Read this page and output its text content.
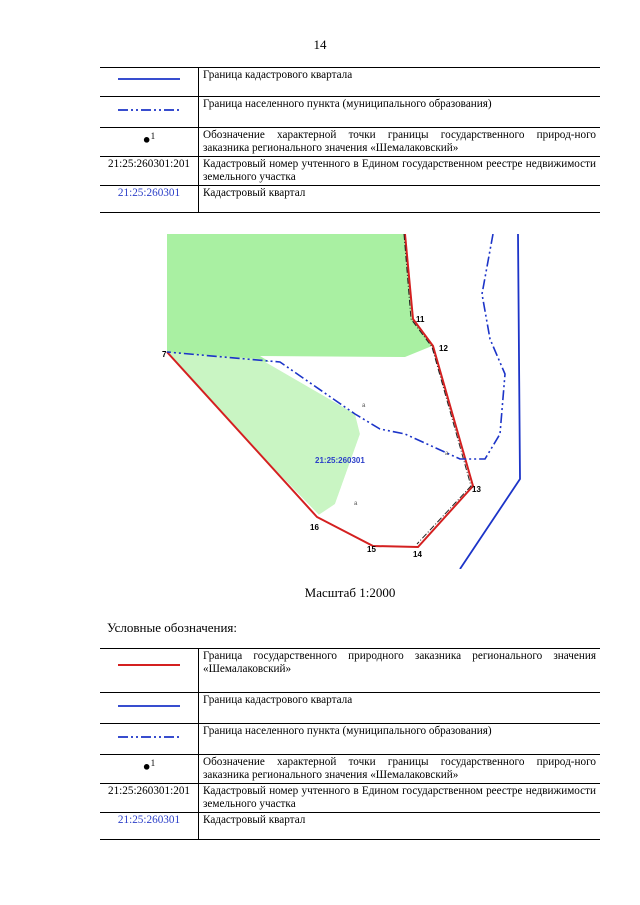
14
	Граница кадастрового квартала
	Граница населенного пункта (муниципального образования)

●$^1$	Обозначение характерной точки границы государственного природ-ного заказника регионального значения «Шемалаковский»

21:25:260301:201	Кадастровый номер учтенного в Едином государственном реестре недвижимости земельного участка

21:25:260301	Кадастровый квартал
11
12
13
14
15
16
7
a
a
a
21:25:260301
Масштаб 1:2000
Условные обозначения:
	Граница государственного природного заказника регионального значения «Шемалаковский»
	Граница кадастрового квартала
	Граница населенного пункта (муниципального образования)

●$^1$	Обозначение характерной точки границы государственного природ-ного заказника регионального значения «Шемалаковский»

21:25:260301:201	Кадастровый номер учтенного в Едином государственном реестре недвижимости земельного участка

21:25:260301	Кадастровый квартал
